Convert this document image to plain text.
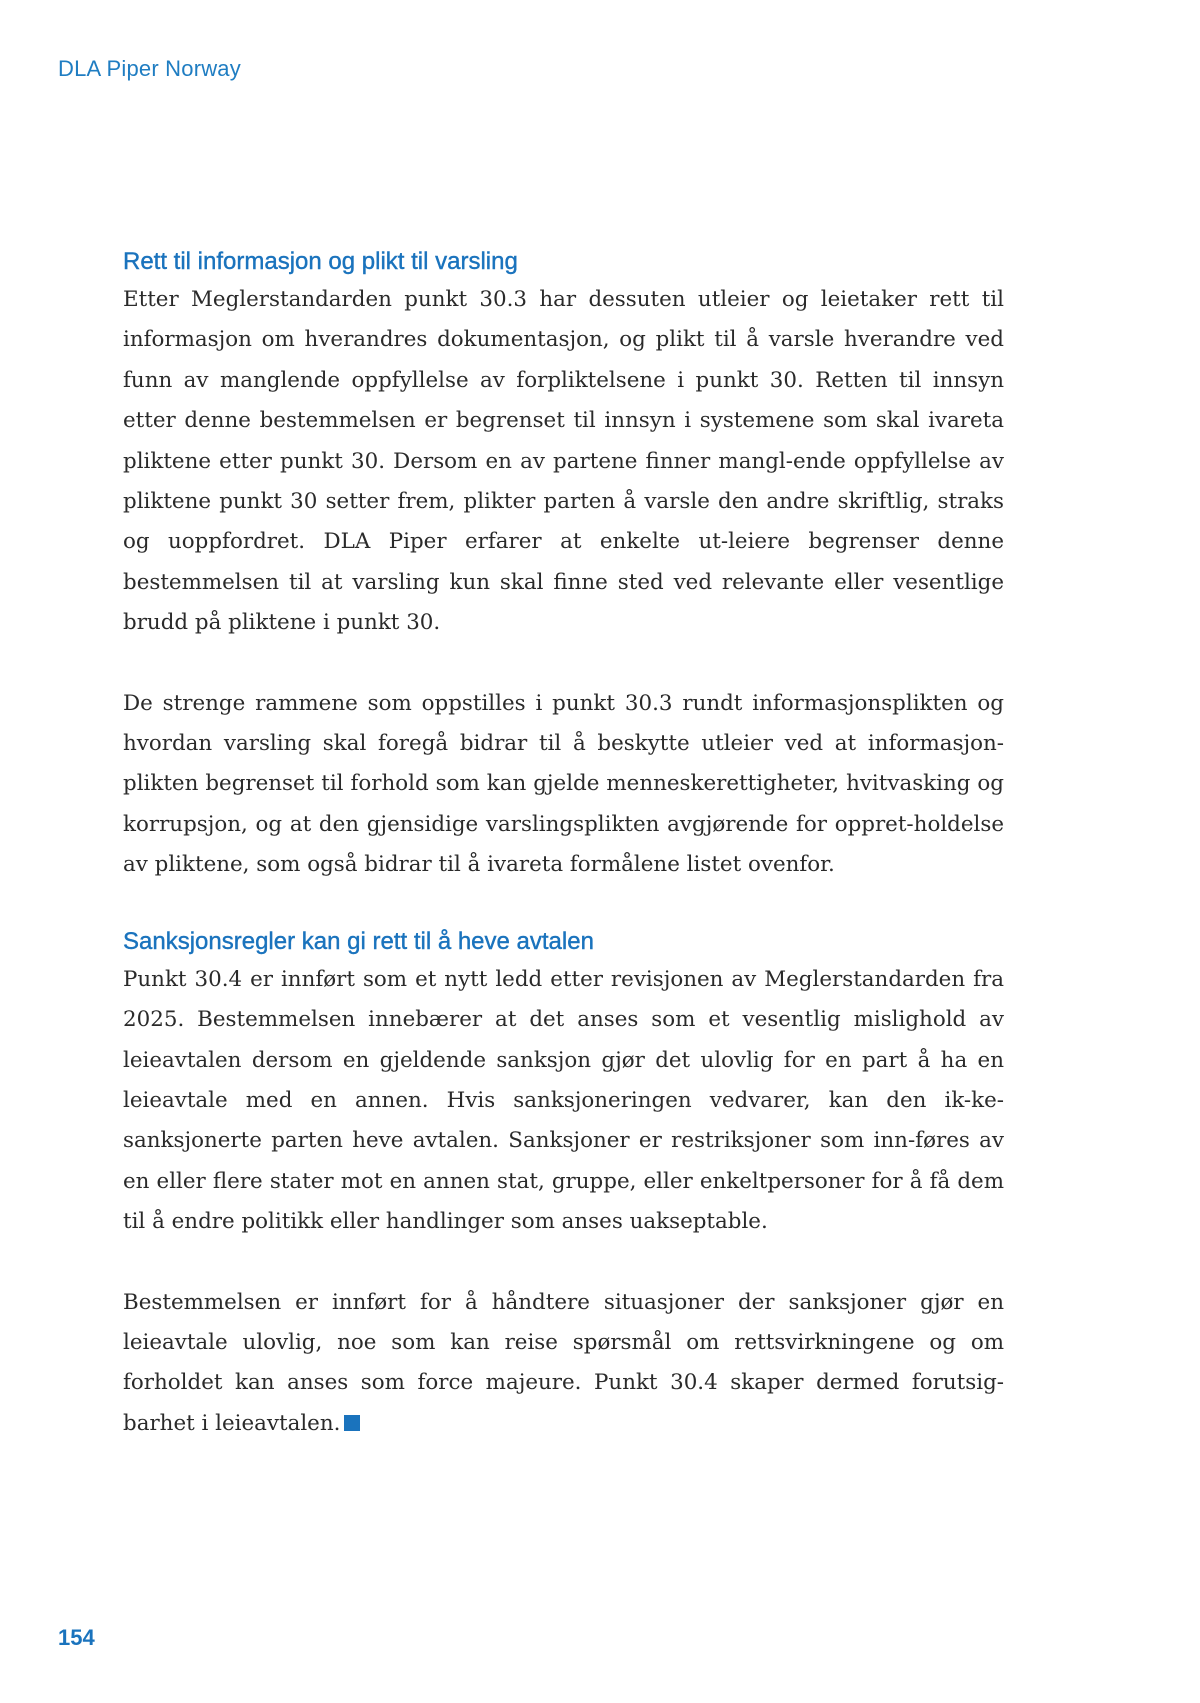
DLA Piper Norway
Rett til informasjon og plikt til varsling

Etter Meglerstandarden punkt 30.3 har dessuten utleier og leietaker rett til informasjon om hverandres dokumentasjon, og plikt til å varsle hverandre ved funn av manglende oppfyllelse av forpliktelsene i punkt 30. Retten til innsyn etter denne bestemmelsen er begrenset til innsyn i systemene som skal ivareta pliktene etter punkt 30. Dersom en av partene finner mangl-ende oppfyllelse av pliktene punkt 30 setter frem, plikter parten å varsle den andre skriftlig, straks og uoppfordret. DLA Piper erfarer at enkelte ut-leiere begrenser denne bestemmelsen til at varsling kun skal finne sted ved relevante eller vesentlige brudd på pliktene i punkt 30.

De strenge rammene som oppstilles i punkt 30.3 rundt informasjonsplikten og hvordan varsling skal foregå bidrar til å beskytte utleier ved at informasjon-plikten begrenset til forhold som kan gjelde menneskerettigheter, hvitvasking og korrupsjon, og at den gjensidige varslingsplikten avgjørende for oppret-holdelse av pliktene, som også bidrar til å ivareta formålene listet ovenfor.

Sanksjonsregler kan gi rett til å heve avtalen

Punkt 30.4 er innført som et nytt ledd etter revisjonen av Meglerstandarden fra 2025. Bestemmelsen innebærer at det anses som et vesentlig mislighold av leieavtalen dersom en gjeldende sanksjon gjør det ulovlig for en part å ha en leieavtale med en annen. Hvis sanksjoneringen vedvarer, kan den ik-ke-sanksjonerte parten heve avtalen. Sanksjoner er restriksjoner som inn-føres av en eller flere stater mot en annen stat, gruppe, eller enkeltpersoner for å få dem til å endre politikk eller handlinger som anses uakseptable.

Bestemmelsen er innført for å håndtere situasjoner der sanksjoner gjør en leieavtale ulovlig, noe som kan reise spørsmål om rettsvirkningene og om forholdet kan anses som force majeure. Punkt 30.4 skaper dermed forutsig-barhet i leieavtalen.

154
